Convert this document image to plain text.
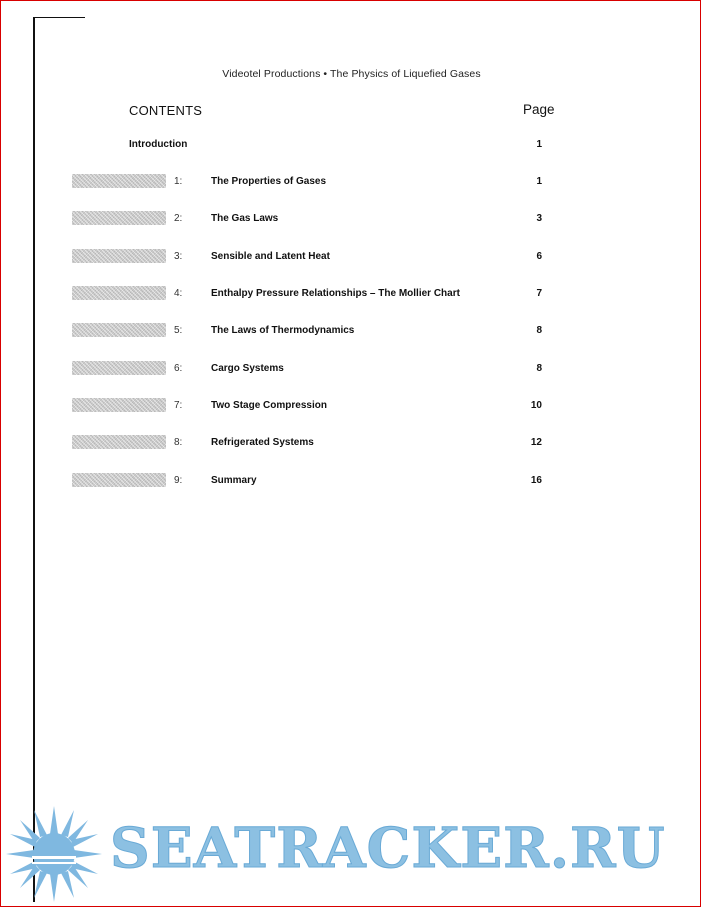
Videotel Productions • The Physics of Liquefied Gases
CONTENTS	Page
Introduction	1
1:	The Properties of Gases	1
2:	The Gas Laws	3
3:	Sensible and Latent Heat	6
4:	Enthalpy Pressure Relationships – The Mollier Chart	7
5:	The Laws of Thermodynamics	8
6:	Cargo Systems	8
7:	Two Stage Compression	10
8:	Refrigerated Systems	12
9:	Summary	16
SEATRACKER.RU
